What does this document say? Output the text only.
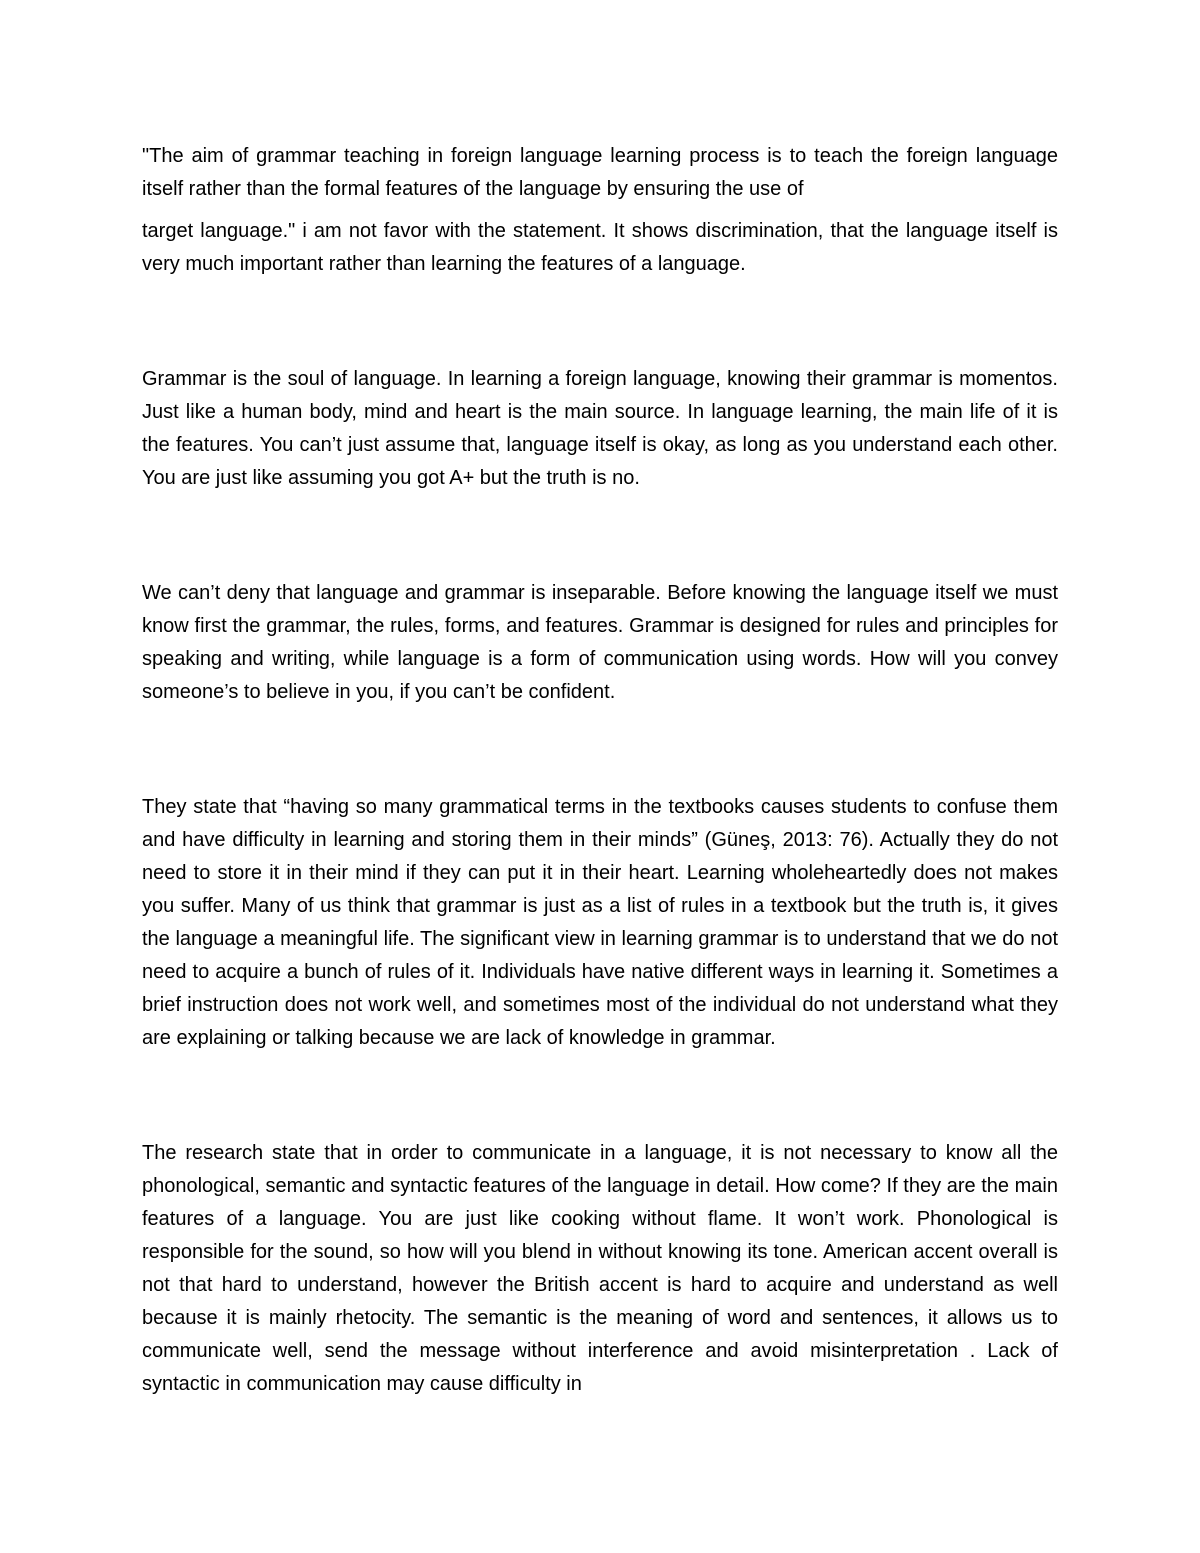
"The aim of grammar teaching in foreign language learning process is to teach the foreign language itself rather than the formal features of the language by ensuring the use of

target language." i am not favor with the statement. It shows discrimination, that the language itself is very much important rather than learning the features of a language.

Grammar is the soul of language. In learning a foreign language, knowing their grammar is momentos. Just like a human body, mind and heart is the main source. In language learning, the main life of it is the features. You can’t just assume that, language itself is okay, as long as you understand each other. You are just like assuming you got A+ but the truth is no.

We can’t deny that language and grammar is inseparable. Before knowing the language itself we must know first the grammar, the rules, forms, and features. Grammar is designed for rules and principles for speaking and writing, while language is a form of communication using words. How will you convey someone’s to believe in you, if you can’t be confident.

They state that “having so many grammatical terms in the textbooks causes students to confuse them and have difficulty in learning and storing them in their minds” (Güneş, 2013: 76). Actually they do not need to store it in their mind if they can put it in their heart. Learning wholeheartedly does not makes you suffer. Many of us think that grammar is just as a list of rules in a textbook but the truth is, it gives the language a meaningful life. The significant view in learning grammar is to understand that we do not need to acquire a bunch of rules of it. Individuals have native different ways in learning it. Sometimes a brief instruction does not work well, and sometimes most of the individual do not understand what they are explaining or talking because we are lack of knowledge in grammar.

The research state that in order to communicate in a language, it is not necessary to know all the phonological, semantic and syntactic features of the language in detail. How come? If they are the main features of a language. You are just like cooking without flame. It won’t work. Phonological is responsible for the sound, so how will you blend in without knowing its tone. American accent overall is not that hard to understand, however the British accent is hard to acquire and understand as well because it is mainly rhetocity. The semantic is the meaning of word and sentences, it allows us to communicate well, send the message without interference and avoid misinterpretation . Lack of syntactic in communication may cause difficulty in
